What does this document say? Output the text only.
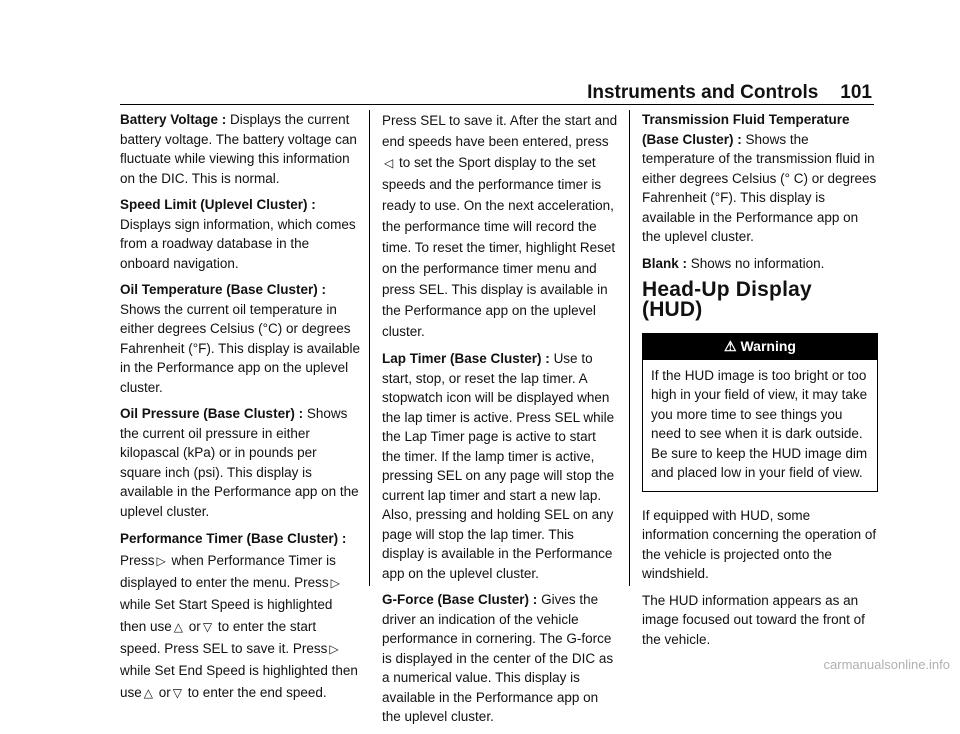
Instruments and Controls 101

Battery Voltage : Displays the current battery voltage. The battery voltage can fluctuate while viewing this information on the DIC. This is normal.

Speed Limit (Uplevel Cluster) : Displays sign information, which comes from a roadway database in the onboard navigation.

Oil Temperature (Base Cluster) : Shows the current oil temperature in either degrees Celsius (°C) or degrees Fahrenheit (°F). This display is available in the Performance app on the uplevel cluster.

Oil Pressure (Base Cluster) : Shows the current oil pressure in either kilopascal (kPa) or in pounds per square inch (psi). This display is available in the Performance app on the uplevel cluster.

Performance Timer (Base Cluster) : Press ▷ when Performance Timer is displayed to enter the menu. Press ▷ while Set Start Speed is highlighted then use △ or ▽ to enter the start speed. Press SEL to save it. Press ▷ while Set End Speed is highlighted then use △ or ▽ to enter the end speed.

Press SEL to save it. After the start and end speeds have been entered, press◁ to set the Sport display to the set speeds and the performance timer is ready to use. On the next acceleration, the performance time will record the time. To reset the timer, highlight Reset on the performance timer menu and press SEL. This display is available in the Performance app on the uplevel cluster.

Lap Timer (Base Cluster) : Use to start, stop, or reset the lap timer. A stopwatch icon will be displayed when the lap timer is active. Press SEL while the Lap Timer page is active to start the timer. If the lamp timer is active, pressing SEL on any page will stop the current lap timer and start a new lap. Also, pressing and holding SEL on any page will stop the lap timer. This display is available in the Performance app on the uplevel cluster.

G-Force (Base Cluster) : Gives the driver an indication of the vehicle performance in cornering. The G-force is displayed in the center of the DIC as a numerical value. This display is available in the Performance app on the uplevel cluster.

Transmission Fluid Temperature (Base Cluster) : Shows the temperature of the transmission fluid in either degrees Celsius (° C) or degrees Fahrenheit (°F). This display is available in the Performance app on the uplevel cluster.

Blank : Shows no information.

Head-Up Display (HUD)
⚠ Warning
If the HUD image is too bright or too high in your field of view, it may take you more time to see things you need to see when it is dark outside. Be sure to keep the HUD image dim and placed low in your field of view.

If equipped with HUD, some information concerning the operation of the vehicle is projected onto the windshield.

The HUD information appears as an image focused out toward the front of the vehicle.

carmanualsonline.info
